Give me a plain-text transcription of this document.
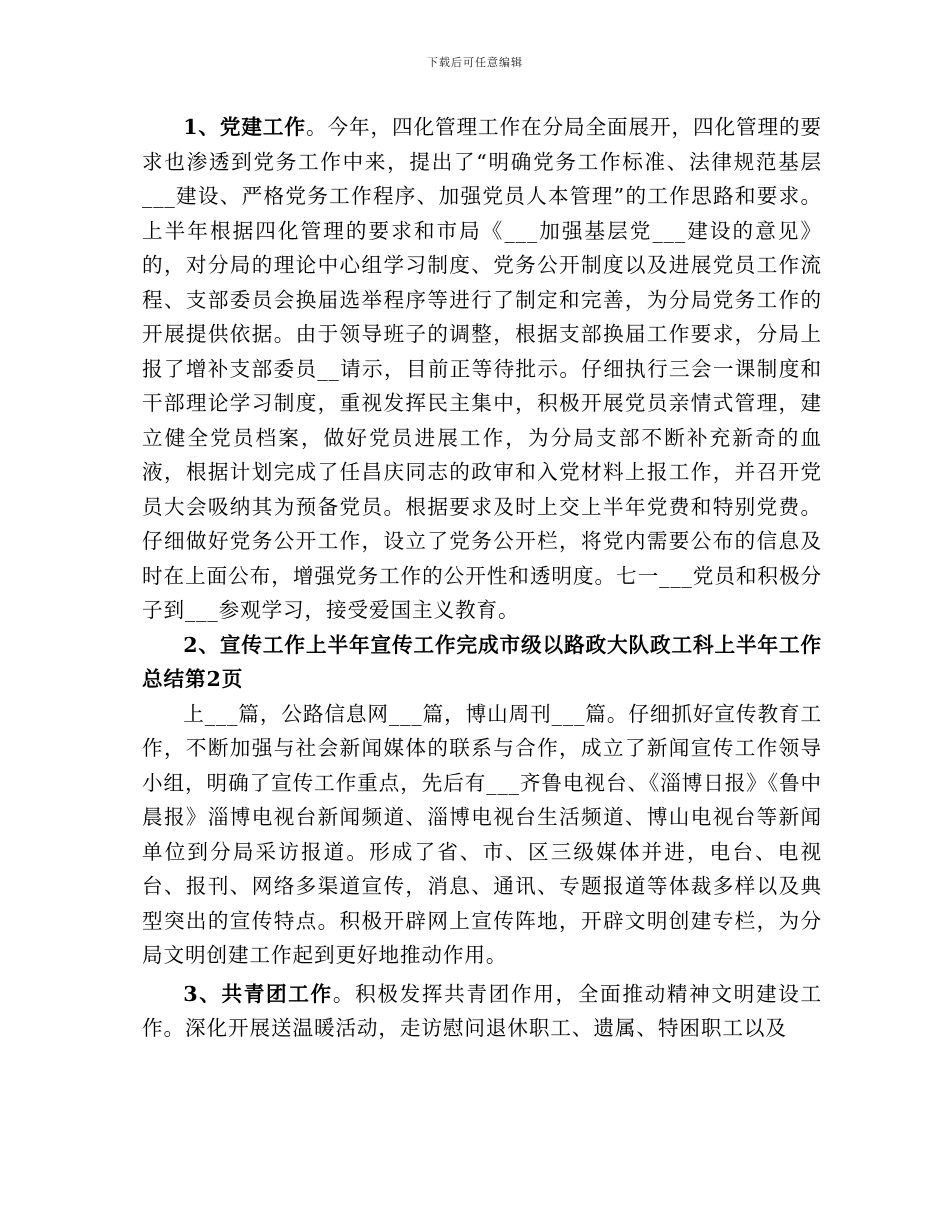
下载后可任意编辑

1、党建工作。今年，四化管理工作在分局全面展开，四化管理的要求也渗透到党务工作中来，提出了“明确党务工作标准、法律规范基层___建设、严格党务工作程序、加强党员人本管理”的工作思路和要求。上半年根据四化管理的要求和市局《___加强基层党___建设的意见》的，对分局的理论中心组学习制度、党务公开制度以及进展党员工作流程、支部委员会换届选举程序等进行了制定和完善，为分局党务工作的开展提供依据。由于领导班子的调整，根据支部换届工作要求，分局上报了增补支部委员__请示，目前正等待批示。仔细执行三会一课制度和干部理论学习制度，重视发挥民主集中，积极开展党员亲情式管理，建立健全党员档案，做好党员进展工作，为分局支部不断补充新奇的血液，根据计划完成了任昌庆同志的政审和入党材料上报工作，并召开党员大会吸纳其为预备党员。根据要求及时上交上半年党费和特别党费。仔细做好党务公开工作，设立了党务公开栏，将党内需要公布的信息及时在上面公布，增强党务工作的公开性和透明度。七一___党员和积极分子到___参观学习，接受爱国主义教育。

2、宣传工作上半年宣传工作完成市级以路政大队政工科上半年工作总结第2页

上___篇，公路信息网___篇，博山周刊___篇。仔细抓好宣传教育工作，不断加强与社会新闻媒体的联系与合作，成立了新闻宣传工作领导小组，明确了宣传工作重点，先后有___齐鲁电视台、《淄博日报》《鲁中晨报》淄博电视台新闻频道、淄博电视台生活频道、博山电视台等新闻单位到分局采访报道。形成了省、市、区三级媒体并进，电台、电视台、报刊、网络多渠道宣传，消息、通讯、专题报道等体裁多样以及典型突出的宣传特点。积极开辟网上宣传阵地，开辟文明创建专栏，为分局文明创建工作起到更好地推动作用。

3、共青团工作。积极发挥共青团作用，全面推动精神文明建设工作。深化开展送温暖活动，走访慰问退休职工、遗属、特困职工以及
